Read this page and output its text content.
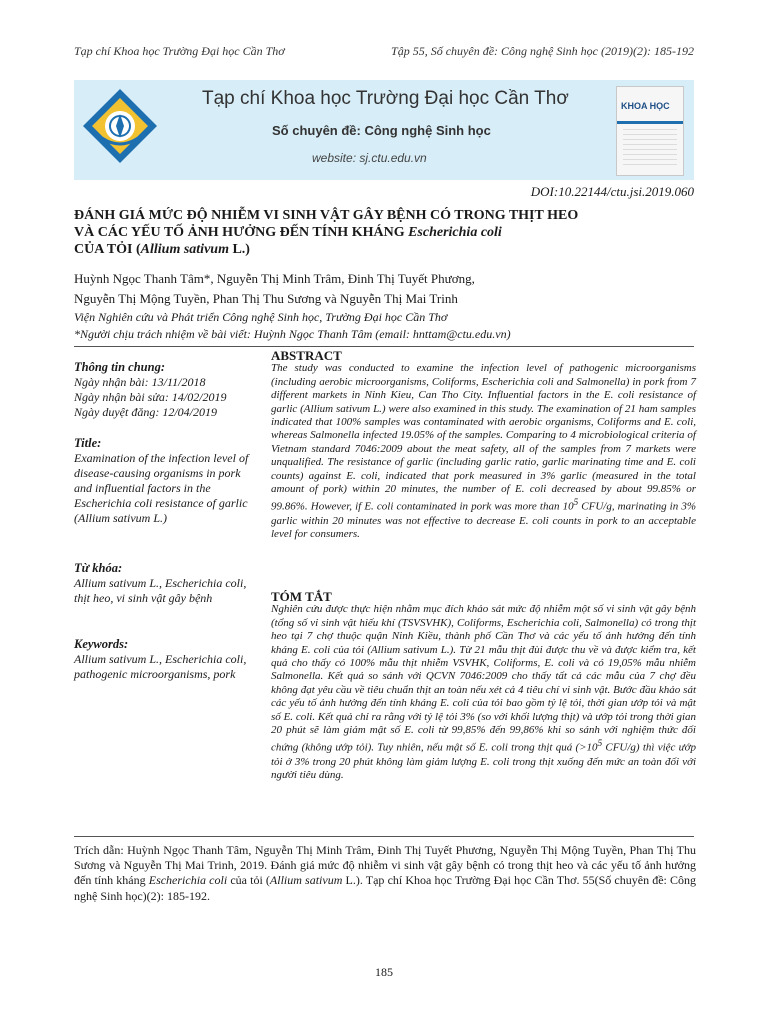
Tạp chí Khoa học Trường Đại học Cần Thơ	Tập 55, Số chuyên đề: Công nghệ Sinh học (2019)(2): 185-192
Tạp chí Khoa học Trường Đại học Cần Thơ
Số chuyên đề: Công nghệ Sinh học
website: sj.ctu.edu.vn
KHOA HỌC
DOI:10.22144/ctu.jsi.2019.060
ĐÁNH GIÁ MỨC ĐỘ NHIỄM VI SINH VẬT GÂY BỆNH CÓ TRONG THỊT HEO
VÀ CÁC YẾU TỐ ẢNH HƯỞNG ĐẾN TÍNH KHÁNG Escherichia coli
CỦA TỎI (Allium sativum L.)
Huỳnh Ngọc Thanh Tâm*, Nguyễn Thị Minh Trâm, Đinh Thị Tuyết Phương,
Nguyễn Thị Mộng Tuyền, Phan Thị Thu Sương và Nguyễn Thị Mai Trinh
Viện Nghiên cứu và Phát triển Công nghệ Sinh học, Trường Đại học Cần Thơ
*Người chịu trách nhiệm về bài viết: Huỳnh Ngọc Thanh Tâm (email: hnttam@ctu.edu.vn)
Thông tin chung:

Ngày nhận bài: 13/11/2018

Ngày nhận bài sửa: 14/02/2019

Ngày duyệt đăng: 12/04/2019

Title:

Examination of the infection level of disease-causing organisms in pork and influential factors in the Escherichia coli resistance of garlic (Allium sativum L.)

Từ khóa:

Allium sativum L., Escherichia coli, thịt heo, vi sinh vật gây bệnh

Keywords:

Allium sativum L., Escherichia coli, pathogenic microorganisms, pork

ABSTRACT

The study was conducted to examine the infection level of pathogenic microorganisms (including aerobic microorganisms, Coliforms, Escherichia coli and Salmonella) in pork from 7 different markets in Ninh Kieu, Can Tho City. Influential factors in the E. coli resistance of garlic (Allium sativum L.) were also examined in this study. The examination of 21 ham samples indicated that 100% samples was contaminated with aerobic organisms, Coliforms and E. coli, whereas Salmonella infected 19.05% of the samples. Comparing to 4 microbiological criteria of Vietnam standard 7046:2009 about the meat safety, all of the samples from 7 markets were unqualified. The resistance of garlic (including garlic ratio, garlic marinating time and E. coli counts) against E. coli, indicated that pork measured in 3% garlic (measured in the total amount of pork) within 20 minutes, the number of E. coli decreased by about 99.85% or 99.86%. However, if E. coli contaminated in pork was more than $10^5$ CFU/g, marinating in 3% garlic within 20 minutes was not effective to decrease E. coli counts in pork to an acceptable level for consumers.

TÓM TẮT

Nghiên cứu được thực hiện nhằm mục đích khảo sát mức độ nhiễm một số vi sinh vật gây bệnh (tổng số vi sinh vật hiếu khí (TSVSVHK), Coliforms, Escherichia coli, Salmonella) có trong thịt heo tại 7 chợ thuộc quận Ninh Kiều, thành phố Cần Thơ và các yếu tố ảnh hưởng đến tính kháng E. coli của tỏi (Allium sativum L.). Từ 21 mẫu thịt đùi được thu về và được kiểm tra, kết quả cho thấy có 100% mẫu thịt nhiễm VSVHK, Coliforms, E. coli và có 19,05% mẫu nhiễm Salmonella. Kết quả so sánh với QCVN 7046:2009 cho thấy tất cả các mẫu của 7 chợ đều không đạt yêu cầu về tiêu chuẩn thịt an toàn nếu xét cả 4 tiêu chí vi sinh vật. Bước đầu khảo sát các yếu tố ảnh hưởng đến tính kháng E. coli của tỏi bao gồm tỷ lệ tỏi, thời gian ướp tỏi và mật số E. coli. Kết quả chỉ ra rằng với tỷ lệ tỏi 3% (so với khối lượng thịt) và ướp tỏi trong thời gian 20 phút sẽ làm giảm mật số E. coli từ 99,85% đến 99,86% khi so sánh với nghiệm thức đối chứng (không ướp tỏi). Tuy nhiên, nếu mật số E. coli trong thịt quá ($>10^5$ CFU/g) thì việc ướp tỏi ở 3% trong 20 phút không làm giảm lượng E. coli trong thịt xuống đến mức an toàn đối với người tiêu dùng.

Trích dẫn: Huỳnh Ngọc Thanh Tâm, Nguyễn Thị Minh Trâm, Đinh Thị Tuyết Phương, Nguyễn Thị Mộng Tuyền, Phan Thị Thu Sương và Nguyễn Thị Mai Trinh, 2019. Đánh giá mức độ nhiễm vi sinh vật gây bệnh có trong thịt heo và các yếu tố ảnh hưởng đến tính kháng Escherichia coli của tỏi (Allium sativum L.). Tạp chí Khoa học Trường Đại học Cần Thơ. 55(Số chuyên đề: Công nghệ Sinh học)(2): 185-192.
185
